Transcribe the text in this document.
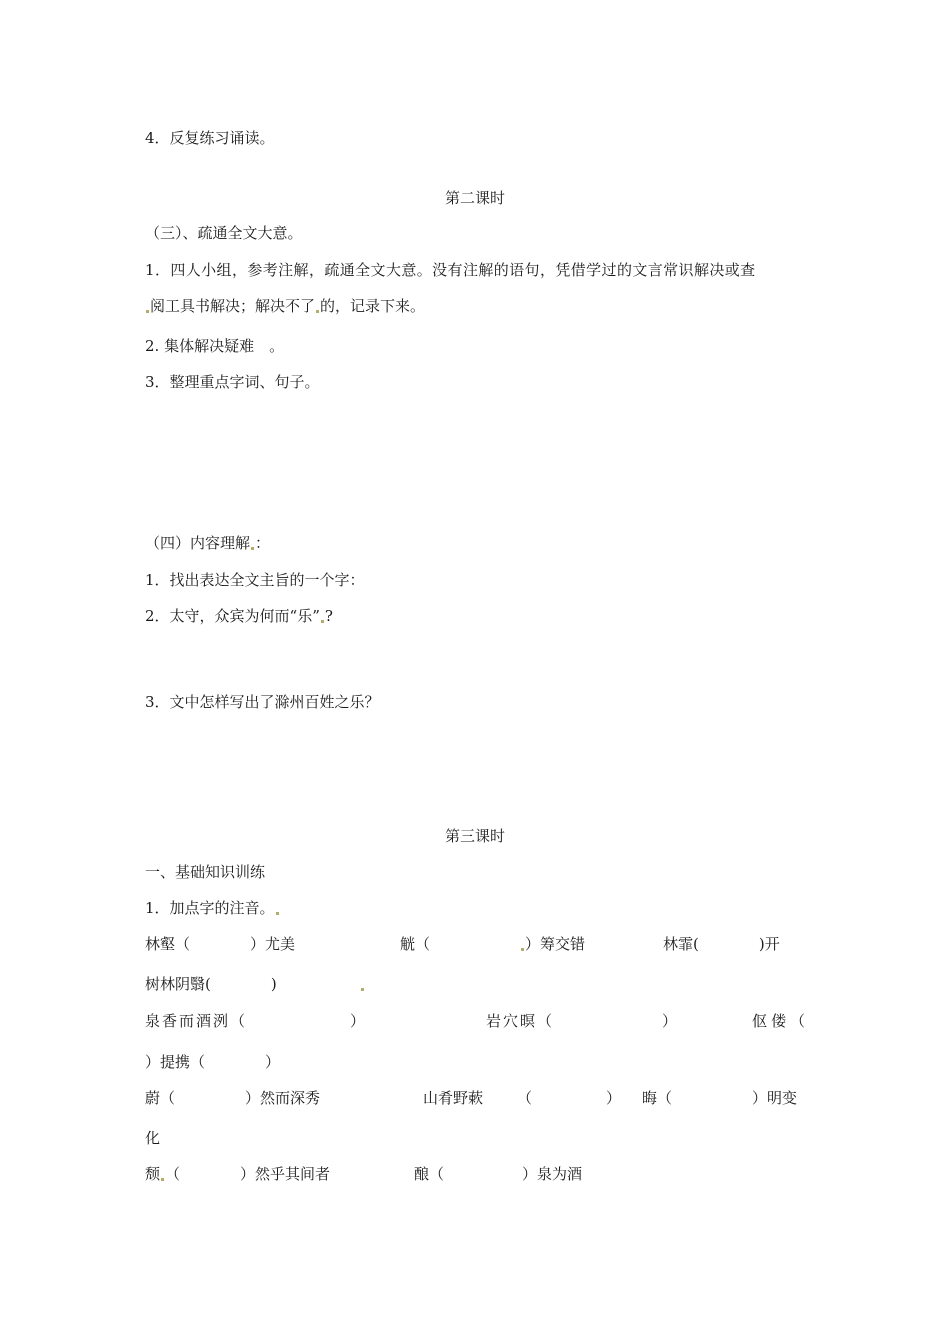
4．反复练习诵读。
第二课时
（三）、疏通全文大意。
1．四人小组，参考注解，疏通全文大意。没有注解的语句，凭借学过的文言常识解决或查
阅工具书解决；解决不了 的，记录下来。
2. 集体解决疑难　。
3．整理重点字词、句子。
（四）内容理解 ：
1．找出表达全文主旨的一个字：
2．太守，众宾为何而“乐” ?
3．文中怎样写出了滁州百姓之乐？
第三课时
一、基础知识训练
1．加点字的注音。
林壑（　　　　）尤美	觥（	）筹交错	林霏(　　　　)开
树林阴翳(　　　　)
泉香而酒洌（	）	岩穴暝（	）	伛偻（
）提携（　　　　）
蔚（	）然而深秀	山肴野蔌 （	） 晦（	）明变
化
颓 （　　　　）然乎其间者	酿（	）泉为酒
